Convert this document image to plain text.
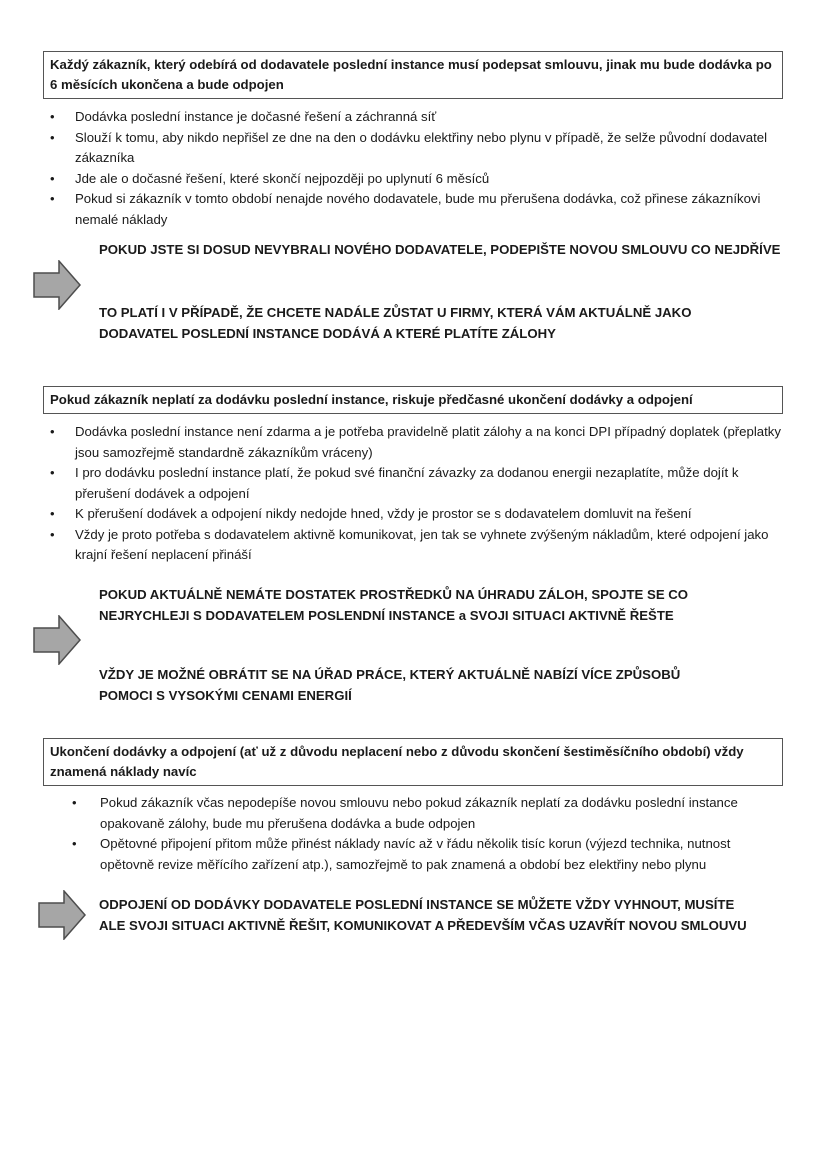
Každý zákazník, který odebírá od dodavatele poslední instance musí podepsat smlouvu, jinak mu bude dodávka po 6 měsících ukončena a bude odpojen
•	Dodávka poslední instance je dočasné řešení a záchranná síť
•	Slouží k tomu, aby nikdo nepřišel ze dne na den o dodávku elektřiny nebo plynu v případě, že selže původní dodavatel zákazníka
•	Jde ale o dočasné řešení, které skončí nejpozději po uplynutí 6 měsíců
•	Pokud si zákazník v tomto období nenajde nového dodavatele, bude mu přerušena dodávka, což přinese zákazníkovi nemalé náklady
POKUD JSTE SI DOSUD NEVYBRALI NOVÉHO DODAVATELE, PODEPIŠTE NOVOU SMLOUVU CO NEJDŘÍVE
TO PLATÍ I V PŘÍPADĚ, ŽE CHCETE NADÁLE ZŮSTAT U FIRMY, KTERÁ VÁM AKTUÁLNĚ JAKO DODAVATEL POSLEDNÍ INSTANCE DODÁVÁ A KTERÉ PLATÍTE ZÁLOHY
Pokud zákazník neplatí za dodávku poslední instance, riskuje předčasné ukončení dodávky a odpojení
•	Dodávka poslední instance není zdarma a je potřeba pravidelně platit zálohy a na konci DPI případný doplatek (přeplatky jsou samozřejmě standardně zákazníkům vráceny)
•	I pro dodávku poslední instance platí, že pokud své finanční závazky za dodanou energii nezaplatíte, může dojít k přerušení dodávek a odpojení
•	K přerušení dodávek a odpojení nikdy nedojde hned, vždy je prostor se s dodavatelem domluvit na řešení
•	Vždy je proto potřeba s dodavatelem aktivně komunikovat, jen tak se vyhnete zvýšeným nákladům, které odpojení jako krajní řešení neplacení přináší
POKUD AKTUÁLNĚ NEMÁTE DOSTATEK PROSTŘEDKŮ NA ÚHRADU ZÁLOH, SPOJTE SE CO NEJRYCHLEJI S DODAVATELEM POSLENDNÍ INSTANCE a SVOJI SITUACI AKTIVNĚ ŘEŠTE
VŽDY JE MOŽNÉ OBRÁTIT SE NA ÚŘAD PRÁCE, KTERÝ AKTUÁLNĚ NABÍZÍ VÍCE ZPŮSOBŮ POMOCI S VYSOKÝMI CENAMI ENERGIÍ
Ukončení dodávky a odpojení (ať už z důvodu neplacení nebo z důvodu skončení šestiměsíčního období) vždy znamená náklady navíc
•	Pokud zákazník včas nepodepíše novou smlouvu nebo pokud zákazník neplatí za dodávku poslední instance opakovaně zálohy, bude mu přerušena dodávka a bude odpojen
•	Opětovné připojení přitom může přinést náklady navíc až v řádu několik tisíc korun (výjezd technika, nutnost opětovně revize měřícího zařízení atp.), samozřejmě to pak znamená a období bez elektřiny nebo plynu
ODPOJENÍ OD DODÁVKY DODAVATELE POSLEDNÍ INSTANCE SE MŮŽETE VŽDY VYHNOUT, MUSÍTE ALE SVOJI SITUACI AKTIVNĚ ŘEŠIT, KOMUNIKOVAT A PŘEDEVŠÍM VČAS UZAVŘÍT NOVOU SMLOUVU
